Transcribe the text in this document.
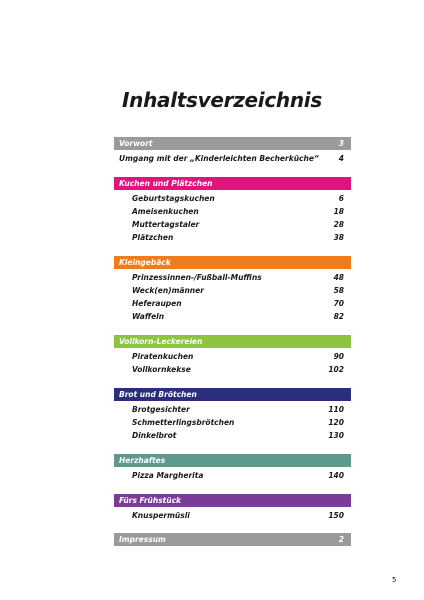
Inhaltsverzeichnis
Vorwort	3
Umgang mit der „Kinderleichten Becherküche“	4
Kuchen und Plätzchen
Geburtstagskuchen	6
Ameisenkuchen	18
Muttertagstaler	28
Plätzchen	38
Kleingebäck
Prinzessinnen-/Fußball-Muffins	48
Weck(en)männer	58
Heferaupen	70
Waffeln	82
Vollkorn-Leckereien
Piratenkuchen	90
Vollkornkekse	102
Brot und Brötchen
Brotgesichter	110
Schmetterlingsbrötchen	120
Dinkelbrot	130
Herzhaftes
Pizza Margherita	140
Fürs Frühstück
Knuspermüsli	150
Impressum	2
5
